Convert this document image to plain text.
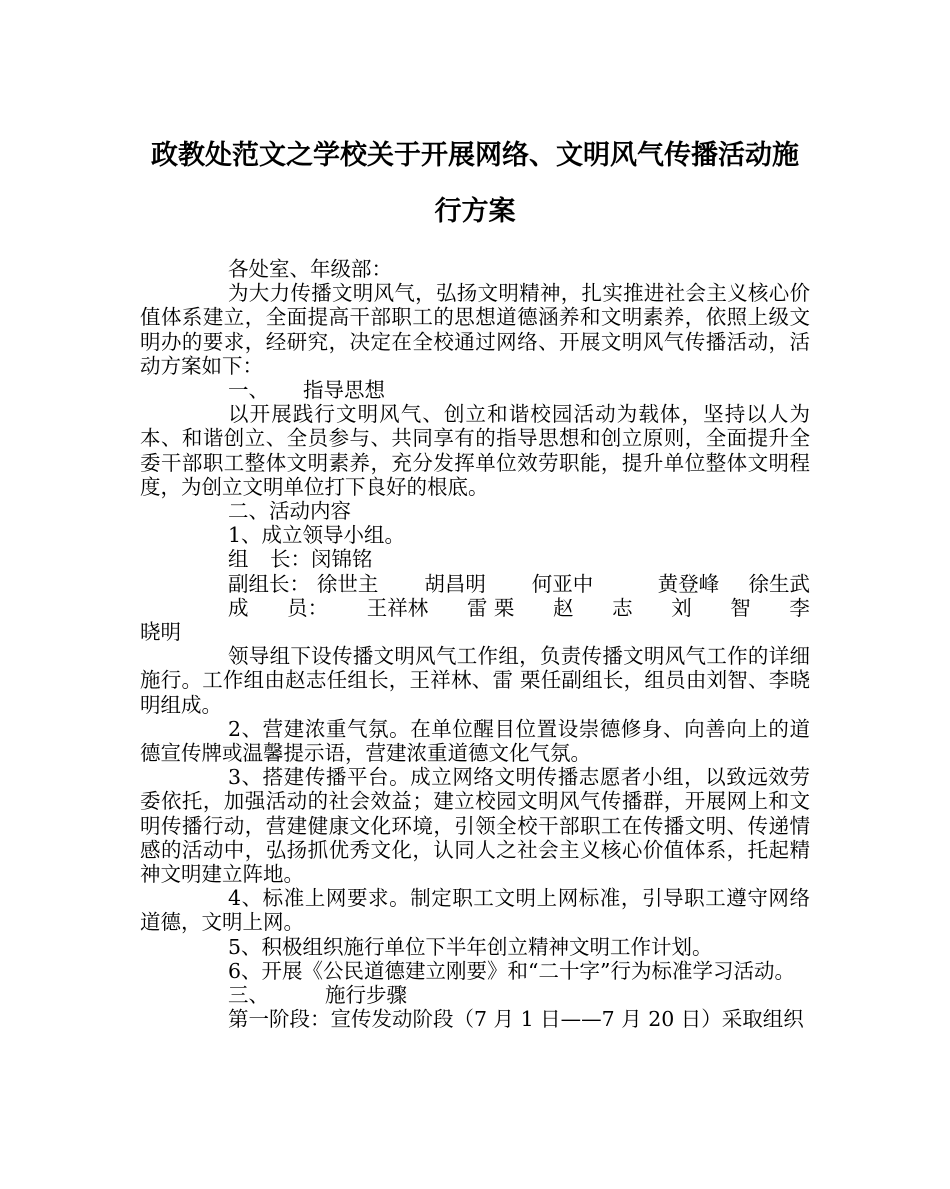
政教处范文之学校关于开展网络、文明风气传播活动施
行方案

各处室、年级部：

为大力传播文明风气，弘扬文明精神，扎实推进社会主义核心价值体系建立，全面提高干部职工的思想道德涵养和文明素养，依照上级文明办的要求，经研究，决定在全校通过网络、开展文明风气传播活动，活动方案如下：

一、	指导思想

以开展践行文明风气、创立和谐校园活动为载体，坚持以人为本、和谐创立、全员参与、共同享有的指导思想和创立原则，全面提升全委干部职工整体文明素养，充分发挥单位效劳职能，提升单位整体文明程度，为创立文明单位打下良好的根底。

二、活动内容

1、成立领导小组。

组	长： 闵锦铭
副组长： 徐世主	胡昌明	何亚中	黄登峰	徐生武
成 员： 王祥林 雷 栗 赵 志 刘 智 李

晓明

领导组下设传播文明风气工作组，负责传播文明风气工作的详细施行。工作组由赵志任组长，王祥林、雷 栗任副组长，组员由刘智、李晓明组成。

2、营建浓重气氛。在单位醒目位置设崇德修身、向善向上的道德宣传牌或温馨提示语，营建浓重道德文化气氛。

3、搭建传播平台。成立网络文明传播志愿者小组，以致远效劳委依托，加强活动的社会效益；建立校园文明风气传播群，开展网上和文明传播行动，营建健康文化环境，引领全校干部职工在传播文明、传递情感的活动中，弘扬抓优秀文化，认同人之社会主义核心价值体系，托起精神文明建立阵地。

4、标准上网要求。制定职工文明上网标准，引导职工遵守网络道德，文明上网。

5、积极组织施行单位下半年创立精神文明工作计划。

6、开展《公民道德建立刚要》和“二十字”行为标准学习活动。

三、	施行步骤

第一阶段：宣传发动阶段（7 月 1 日——7 月 20 日）采取组织
